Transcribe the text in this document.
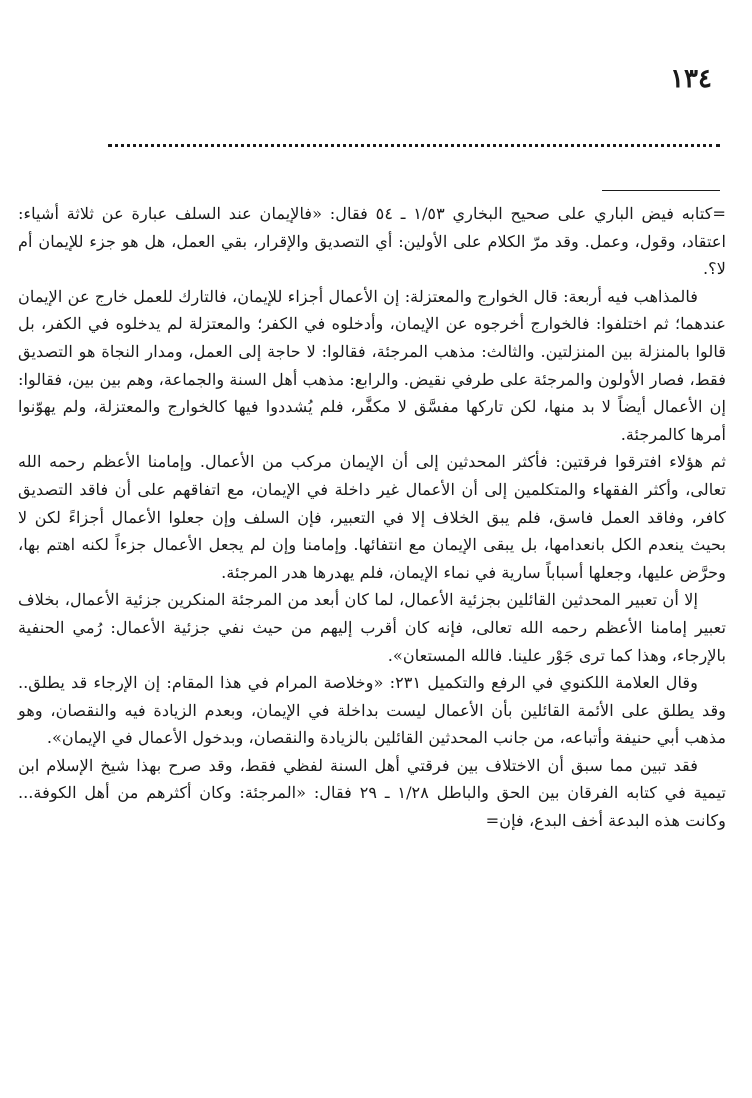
١٣٤

=كتابه فيض الباري على صحيح البخاري ١/٥٣ ـ ٥٤ فقال: «فالإيمان عند السلف عبارة عن ثلاثة أشياء: اعتقاد، وقول، وعمل. وقد مرّ الكلام على الأولين: أي التصديق والإقرار، بقي العمل، هل هو جزء للإيمان أم لا؟.

فالمذاهب فيه أربعة: قال الخوارج والمعتزلة: إن الأعمال أجزاء للإيمان، فالتارك للعمل خارج عن الإيمان عندهما؛ ثم اختلفوا: فالخوارج أخرجوه عن الإيمان، وأدخلوه في الكفر؛ والمعتزلة لم يدخلوه في الكفر، بل قالوا بالمنزلة بين المنزلتين. والثالث: مذهب المرجئة، فقالوا: لا حاجة إلى العمل، ومدار النجاة هو التصديق فقط، فصار الأولون والمرجئة على طرفي نقيض. والرابع: مذهب أهل السنة والجماعة، وهم بين بين، فقالوا: إن الأعمال أيضاً لا بد منها، لكن تاركها مفسَّق لا مكفَّر، فلم يُشددوا فيها كالخوارج والمعتزلة، ولم يهوّنوا أمرها كالمرجئة.

ثم هؤلاء افترقوا فرقتين: فأكثر المحدثين إلى أن الإيمان مركب من الأعمال. وإمامنا الأعظم رحمه الله تعالى، وأكثر الفقهاء والمتكلمين إلى أن الأعمال غير داخلة في الإيمان، مع اتفاقهم على أن فاقد التصديق كافر، وفاقد العمل فاسق، فلم يبق الخلاف إلا في التعبير، فإن السلف وإن جعلوا الأعمال أجزاءً لكن لا بحيث ينعدم الكل بانعدامها، بل يبقى الإيمان مع انتفائها. وإمامنا وإن لم يجعل الأعمال جزءاً لكنه اهتم بها، وحرَّض عليها، وجعلها أسباباً سارية في نماء الإيمان، فلم يهدرها هدر المرجئة.

إلا أن تعبير المحدثين القائلين بجزئية الأعمال، لما كان أبعد من المرجئة المنكرين جزئية الأعمال، بخلاف تعبير إمامنا الأعظم رحمه الله تعالى، فإنه كان أقرب إليهم من حيث نفي جزئية الأعمال: رُمي الحنفية بالإرجاء، وهذا كما ترى جَوْر علينا. فالله المستعان».

وقال العلامة اللكنوي في الرفع والتكميل ٢٣١: «وخلاصة المرام في هذا المقام: إن الإرجاء قد يطلق.. وقد يطلق على الأئمة القائلين بأن الأعمال ليست بداخلة في الإيمان، وبعدم الزيادة فيه والنقصان، وهو مذهب أبي حنيفة وأتباعه، من جانب المحدثين القائلين بالزيادة والنقصان، وبدخول الأعمال في الإيمان».

فقد تبين مما سبق أن الاختلاف بين فرقتي أهل السنة لفظي فقط، وقد صرح بهذا شيخ الإسلام ابن تيمية في كتابه الفرقان بين الحق والباطل ١/٢٨ ـ ٢٩ فقال: «المرجئة: وكان أكثرهم من أهل الكوفة... وكانت هذه البدعة أخف البدع، فإن=
